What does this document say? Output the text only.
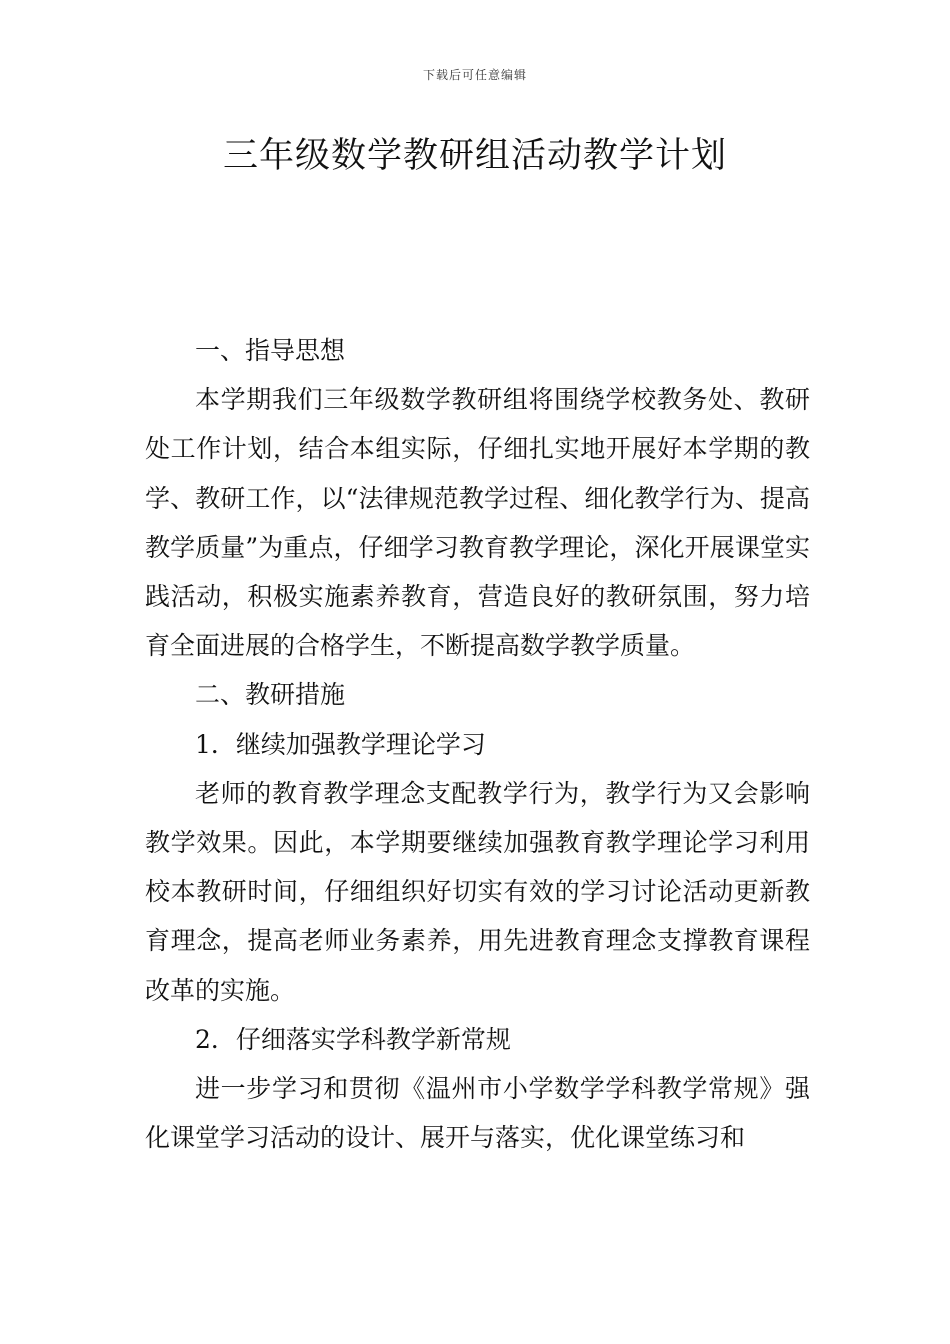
下载后可任意编辑
三年级数学教研组活动教学计划

一、指导思想

本学期我们三年级数学教研组将围绕学校教务处、教研处工作计划，结合本组实际，仔细扎实地开展好本学期的教学、教研工作，以“法律规范教学过程、细化教学行为、提高教学质量”为重点，仔细学习教育教学理论，深化开展课堂实践活动，积极实施素养教育，营造良好的教研氛围，努力培育全面进展的合格学生，不断提高数学教学质量。

二、教研措施

1．继续加强教学理论学习

老师的教育教学理念支配教学行为，教学行为又会影响教学效果。因此，本学期要继续加强教育教学理论学习利用校本教研时间，仔细组织好切实有效的学习讨论活动更新教育理念，提高老师业务素养，用先进教育理念支撑教育课程改革的实施。

2．仔细落实学科教学新常规

进一步学习和贯彻《温州市小学数学学科教学常规》强化课堂学习活动的设计、展开与落实，优化课堂练习和
